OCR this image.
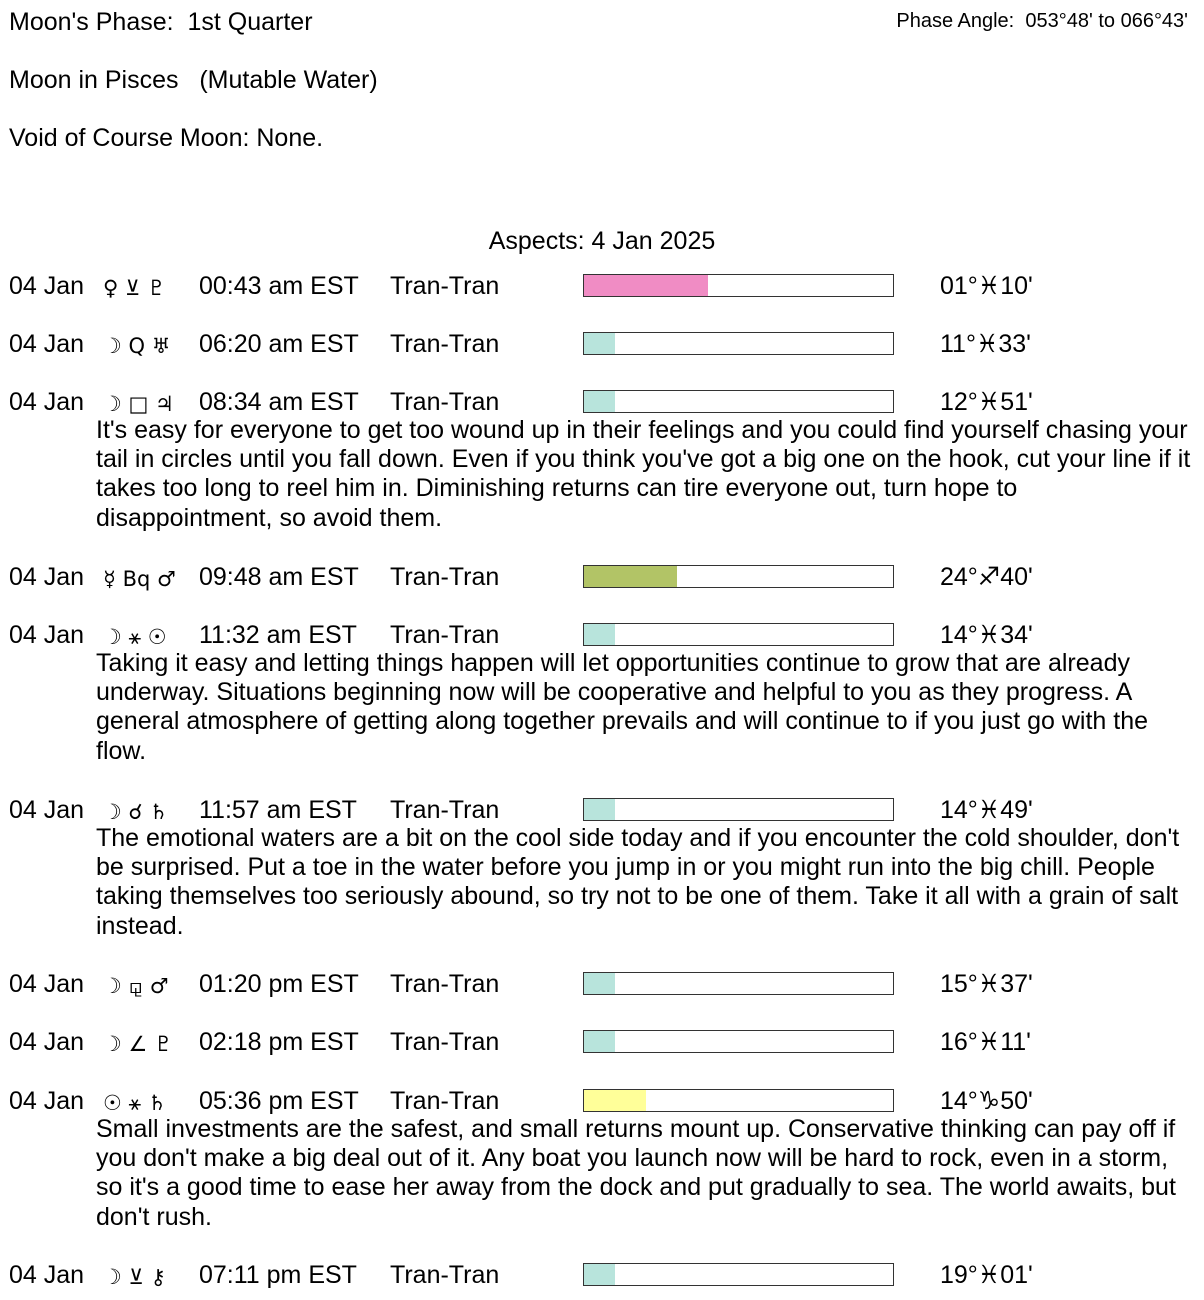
Moon's Phase:  1st Quarter	Phase Angle:  053°48' to 066°43'
Moon in Pisces   (Mutable Water)
Void of Course Moon: None.
Aspects: 4 Jan 2025
04 Jan ♀ ⊻ ♇ 00:43 am EST Tran-Tran	01°♓10'
04 Jan ☽ Q ♅ 06:20 am EST Tran-Tran	11°♓33'
04 Jan ☽ □ ♃ 08:34 am EST Tran-Tran	12°♓51'
It's easy for everyone to get too wound up in their feelings and you could find yourself chasing your tail in circles until you fall down. Even if you think you've got a big one on the hook, cut your line if it takes too long to reel him in. Diminishing returns can tire everyone out, turn hope to disappointment, so avoid them.
04 Jan ☿ Bq ♂ 09:48 am EST Tran-Tran	24°♐40'
04 Jan ☽ ⚹ ☉ 11:32 am EST Tran-Tran	14°♓34'
Taking it easy and letting things happen will let opportunities continue to grow that are already underway. Situations beginning now will be cooperative and helpful to you as they progress. A general atmosphere of getting along together prevails and will continue to if you just go with the flow.
04 Jan ☽ ☌ ♄ 11:57 am EST Tran-Tran	14°♓49'
The emotional waters are a bit on the cool side today and if you encounter the cold shoulder, don't be surprised. Put a toe in the water before you jump in or you might run into the big chill. People taking themselves too seriously abound, so try not to be one of them. Take it all with a grain of salt instead.
04 Jan ☽ ⚼ ♂ 01:20 pm EST Tran-Tran	15°♓37'
04 Jan ☽ ∠ ♇ 02:18 pm EST Tran-Tran	16°♓11'
04 Jan ☉ ⚹ ♄ 05:36 pm EST Tran-Tran	14°♑50'
Small investments are the safest, and small returns mount up. Conservative thinking can pay off if you don't make a big deal out of it. Any boat you launch now will be hard to rock, even in a storm, so it's a good time to ease her away from the dock and put gradually to sea. The world awaits, but don't rush.
04 Jan ☽ ⊻ ⚷ 07:11 pm EST Tran-Tran	19°♓01'
